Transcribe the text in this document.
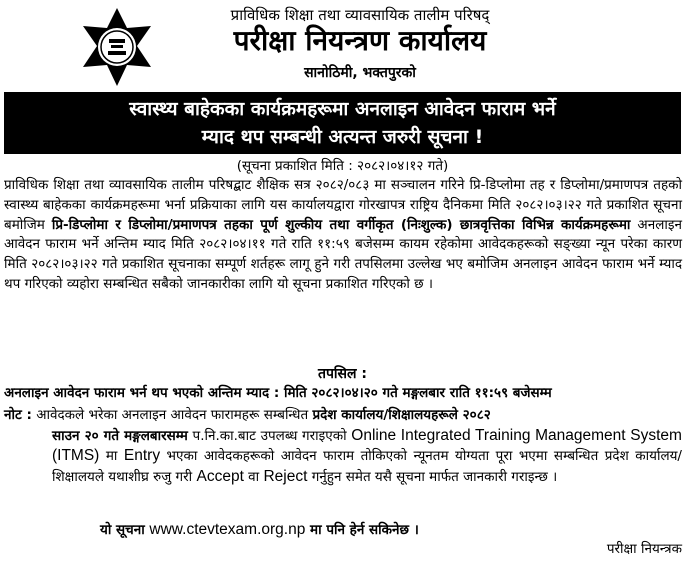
प्राविधिक शिक्षा तथा व्यावसायिक तालीम परिषद्
परीक्षा नियन्त्रण कार्यालय
सानोठिमी, भक्तपुरको
स्वास्थ्य बाहेकका कार्यक्रमहरूमा अनलाइन आवेदन फाराम भर्ने
म्याद थप सम्बन्धी अत्यन्त जरुरी सूचना !
(सूचना प्रकाशित मिति : २०८२।०४।१२ गते)
प्राविधिक शिक्षा तथा व्यावसायिक तालीम परिषद्बाट शैक्षिक सत्र २०८२/०८३ मा सञ्चालन गरिने प्रि-डिप्लोमा तह र डिप्लोमा/प्रमाणपत्र तहको स्वास्थ्य बाहेकका कार्यक्रमहरूमा भर्ना प्रक्रियाका लागि यस कार्यालयद्वारा गोरखापत्र राष्ट्रिय दैनिकमा मिति २०८२।०३।२२ गते प्रकाशित सूचना बमोजिम प्रि-डिप्लोमा र डिप्लोमा/प्रमाणपत्र तहका पूर्ण शुल्कीय तथा वर्गीकृत (निःशुल्क) छात्रवृत्तिका विभिन्न कार्यक्रमहरूमा अनलाइन आवेदन फाराम भर्ने अन्तिम म्याद मिति २०८२।०४।११ गते राति ११:५९ बजेसम्म कायम रहेकोमा आवेदकहरूको सङ्ख्या न्यून परेका कारण मिति २०८२।०३।२२ गते प्रकाशित सूचनाका सम्पूर्ण शर्तहरू लागू हुने गरी तपसिलमा उल्लेख भए बमोजिम अनलाइन आवेदन फाराम भर्ने म्याद थप गरिएको व्यहोरा सम्बन्धित सबैको जानकारीका लागि यो सूचना प्रकाशित गरिएको छ ।
तपसिल :
अनलाइन आवेदन फाराम भर्न थप भएको अन्तिम म्याद : मिति २०८२।०४।२० गते मङ्गलबार राति ११:५९ बजेसम्म
नोट : आवेदकले भरेका अनलाइन आवेदन फारामहरू सम्बन्धित प्रदेश कार्यालय/शिक्षालयहरूले २०८२
साउन २० गते मङ्गलबारसम्म प.नि.का.बाट उपलब्ध गराइएको Online Integrated Training Management System (ITMS) मा Entry भएका आवेदकहरूको आवेदन फाराम तोकिएको न्यूनतम योग्यता पूरा भएमा सम्बन्धित प्रदेश कार्यालय/शिक्षालयले यथाशीघ्र रुजु गरी Accept वा Reject गर्नुहुन समेत यसै सूचना मार्फत जानकारी गराइन्छ ।
यो सूचना www.ctevtexam.org.np मा पनि हेर्न सकिनेछ ।
परीक्षा नियन्त्रक
